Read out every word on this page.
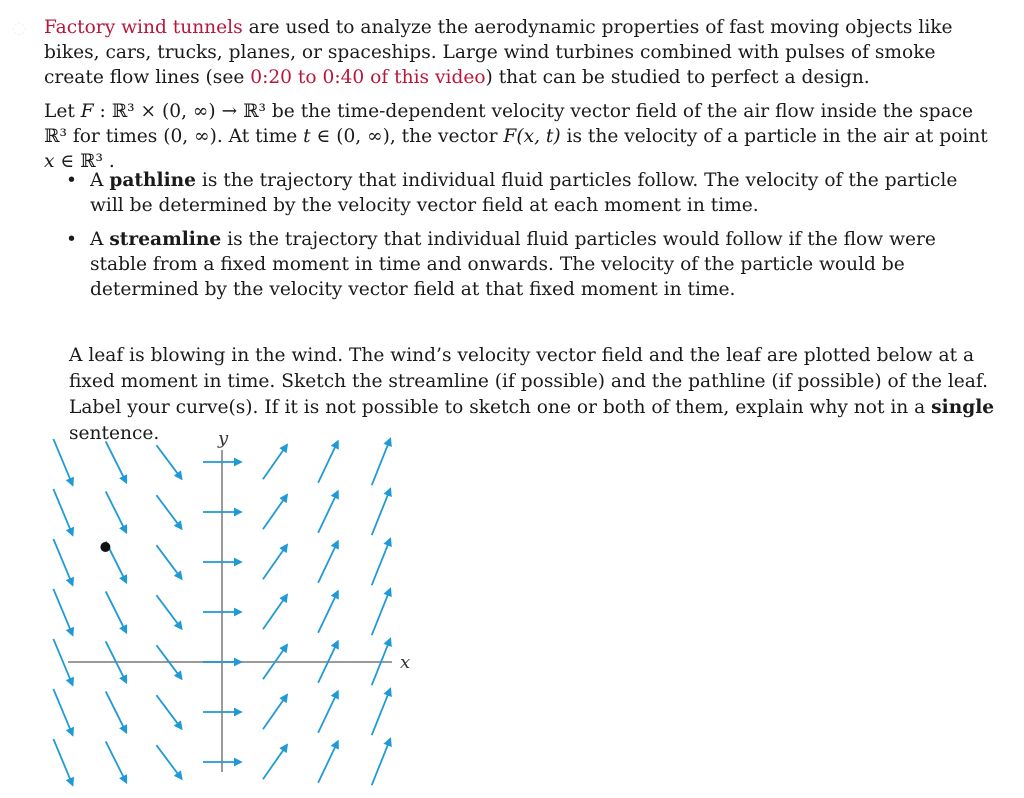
Factory wind tunnels are used to analyze the aerodynamic properties of fast moving objects like bikes, cars, trucks, planes, or spaceships. Large wind turbines combined with pulses of smoke create flow lines (see 0:20 to 0:40 of this video) that can be studied to perfect a design.
Let F : ℝ³ × (0, ∞) → ℝ³ be the time-dependent velocity vector field of the air flow inside the space ℝ³ for times (0, ∞). At time t ∈ (0, ∞), the vector F(x, t) is the velocity of a particle in the air at point x ∈ ℝ³ .
• A pathline is the trajectory that individual fluid particles follow. The velocity of the particle will be determined by the velocity vector field at each moment in time.
• A streamline is the trajectory that individual fluid particles would follow if the flow were stable from a fixed moment in time and onwards. The velocity of the particle would be determined by the velocity vector field at that fixed moment in time.
◌
A leaf is blowing in the wind. The wind’s velocity vector field and the leaf are plotted below at a fixed moment in time. Sketch the streamline (if possible) and the pathline (if possible) of the leaf. Label your curve(s). If it is not possible to sketch one or both of them, explain why not in a single sentence.
x
y
